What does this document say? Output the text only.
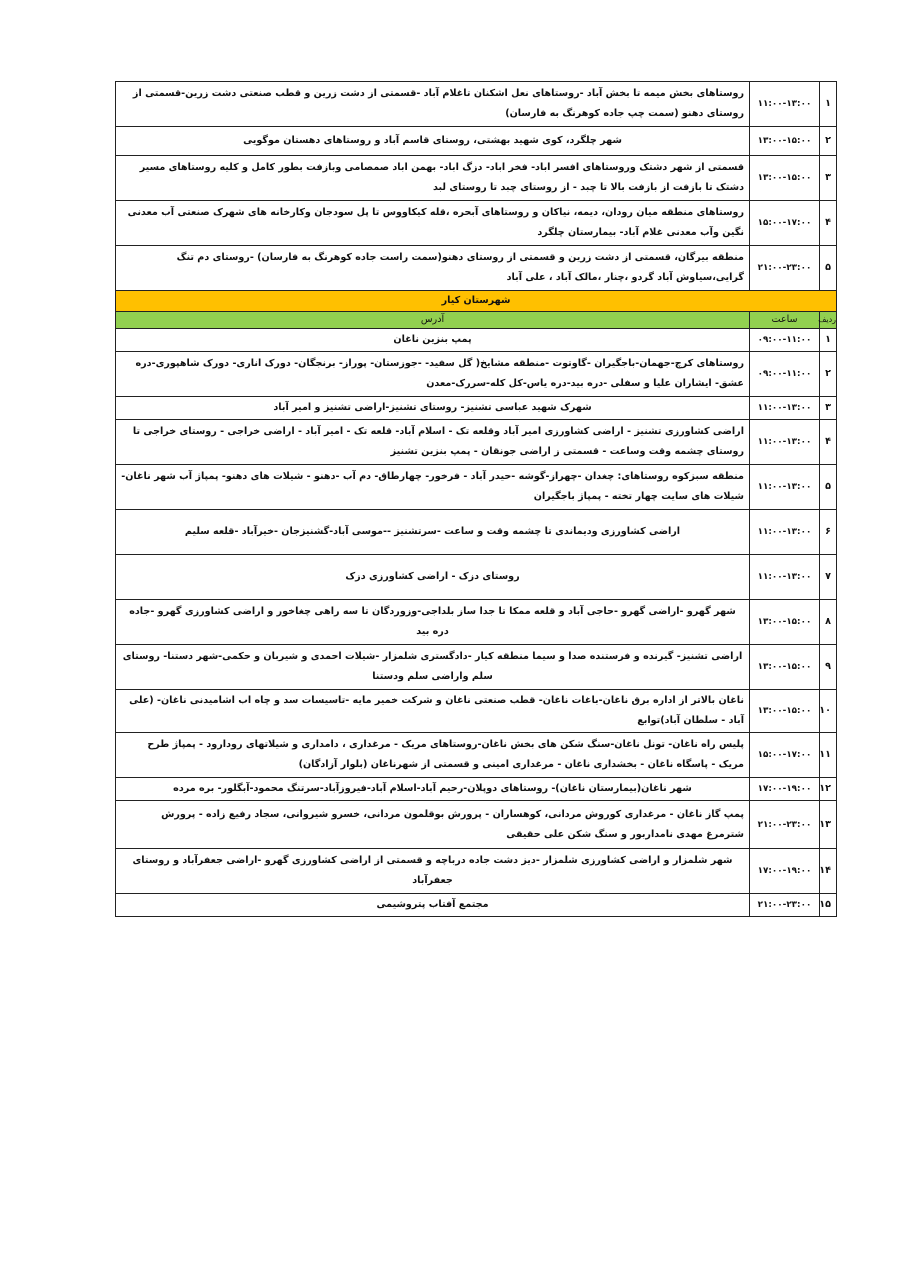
۱	۱۱:۰۰-۱۳:۰۰	روستاهای بخش میمه تا بخش آباد -روستاهای نعل اشکنان تاغلام آباد -قسمتی از دشت زرین و قطب صنعتی دشت زرین-قسمتی از روستای دهنو (سمت چپ جاده کوهرنگ به فارسان)
۲	۱۳:۰۰-۱۵:۰۰	شهر چلگرد، کوی شهید بهشتی، روستای قاسم آباد و روستاهای دهستان موگویی
۳	۱۳:۰۰-۱۵:۰۰	قسمتی از شهر دشتک وروستاهای افسر اباد- فخر اباد- دزگ اباد- بهمن اباد صمصامی وبازفت بطور کامل و کلیه روستاهای مسیر دشتک تا بازفت از بازفت بالا تا چبد - از روستای چبد تا روستای لبد
۴	۱۵:۰۰-۱۷:۰۰	روستاهای منطقه میان رودان، دیمه، نیاکان و روستاهای آبحره ،قله کیکاووس تا پل سودجان وکارخانه های شهرک صنعتی آب معدنی نگین وآب معدنی غلام آباد- بیمارستان چلگرد
۵	۲۱:۰۰-۲۳:۰۰	منطقه بیرگان، قسمتی از دشت زرین و قسمتی از روستای دهنو(سمت راست جاده کوهرنگ به فارسان) -روستای دم تنگ گرایی،سیاوش آباد گردو ،چنار ،مالک آباد ، علی آباد
شهرستان کیار		
ردیف	ساعت	آدرس
۱	۰۹:۰۰-۱۱:۰۰	پمپ بنزین ناغان
۲	۰۹:۰۰-۱۱:۰۰	روستاهای کرچ-جهمان-باجگیران -گاوتوت -منطقه مشایخ( گل سفید- -جوزستان- پوراز- برنجگان- دورک اناری- دورک شاهپوری-دره عشق- ایشاران علیا و سفلی -دره بید-دره یاس-کل کله-سررک-معدن
۳	۱۱:۰۰-۱۳:۰۰	شهرک شهید عباسی تشنیز- روستای تشنیز-اراضی تشنیز و امیر آباد
۴	۱۱:۰۰-۱۳:۰۰	اراضی کشاورزی تشنیز - اراضی کشاورزی امیر آباد وقلعه تک - اسلام آباد- قلعه تک - امیر آباد - اراضی خراجی - روستای خراجی تا روستای چشمه وقت وساعت - قسمتی ز اراضی جونقان - پمپ بنزین تشنیز
۵	۱۱:۰۰-۱۳:۰۰	منطقه سبزکوه روستاهای: چغدان -چهراز-گوشه -حیدر آباد - فرخور- چهارطاق- دم آب -دهنو - شیلات های دهنو- پمپاژ آب شهر ناغان- شیلات های سایت چهار تخته - پمپاژ باجگیران
۶	۱۱:۰۰-۱۳:۰۰	اراضی کشاورزی ودیماندی تا چشمه وقت و ساعت -سرتشنیز --موسی آباد-گشنیزجان -خیرآباد -قلعه سلیم
۷	۱۱:۰۰-۱۳:۰۰	روستای دزک - اراضی کشاورزی دزک
۸	۱۳:۰۰-۱۵:۰۰	شهر گهرو -اراضی گهرو -حاجی آباد و قلعه ممکا تا جدا ساز بلداجی-وزوردگان تا سه راهی چغاخور و اراضی کشاورزی گهرو -جاده دره بید
۹	۱۳:۰۰-۱۵:۰۰	اراضی تشنیز- گیرنده و فرستنده صدا و سیما منطقه کیار -دادگستری شلمزار -شیلات احمدی و شیربان و حکمی-شهر دستنا- روستای سلم واراضی سلم ودستنا
۱۰	۱۳:۰۰-۱۵:۰۰	ناغان بالاتر از اداره برق ناغان-باغات ناغان- قطب صنعتی ناغان و شرکت خمیر مایه -تاسیسات سد و چاه اب اشامیدنی ناغان- (علی آباد - سلطان آباد)توابع
۱۱	۱۵:۰۰-۱۷:۰۰	پلیس راه ناغان- تونل ناغان-سنگ شکن های بخش ناغان-روستاهای مریک - مرغداری ، دامداری و شیلاتهای رودارود - پمپاژ طرح مریک - پاسگاه ناغان - بخشداری ناغان - مرغداری امینی و قسمتی از شهرناغان (بلوار آزادگان)
۱۲	۱۷:۰۰-۱۹:۰۰	شهر ناغان(بیمارستان ناغان)- روستاهای دوپلان-رحیم آباد-اسلام آباد-فیروزآباد-سرتنگ محمود-آبگلور- بره مرده
۱۳	۲۱:۰۰-۲۳:۰۰	پمپ گاز ناغان - مرغداری کوروش مردانی، کوهساران - پرورش بوقلمون مردانی، خسرو شیروانی، سجاد رفیع زاده - پرورش شترمرغ مهدی نامداربور و سنگ شکن علی حقیقی
۱۴	۱۷:۰۰-۱۹:۰۰	شهر شلمزار و اراضی کشاورزی شلمزار -دیز دشت جاده درباچه و قسمتی از اراضی کشاورزی گهرو -اراضی جعفرآباد و روستای جعفرآباد
۱۵	۲۱:۰۰-۲۳:۰۰	مجتمع آفتاب پتروشیمی
